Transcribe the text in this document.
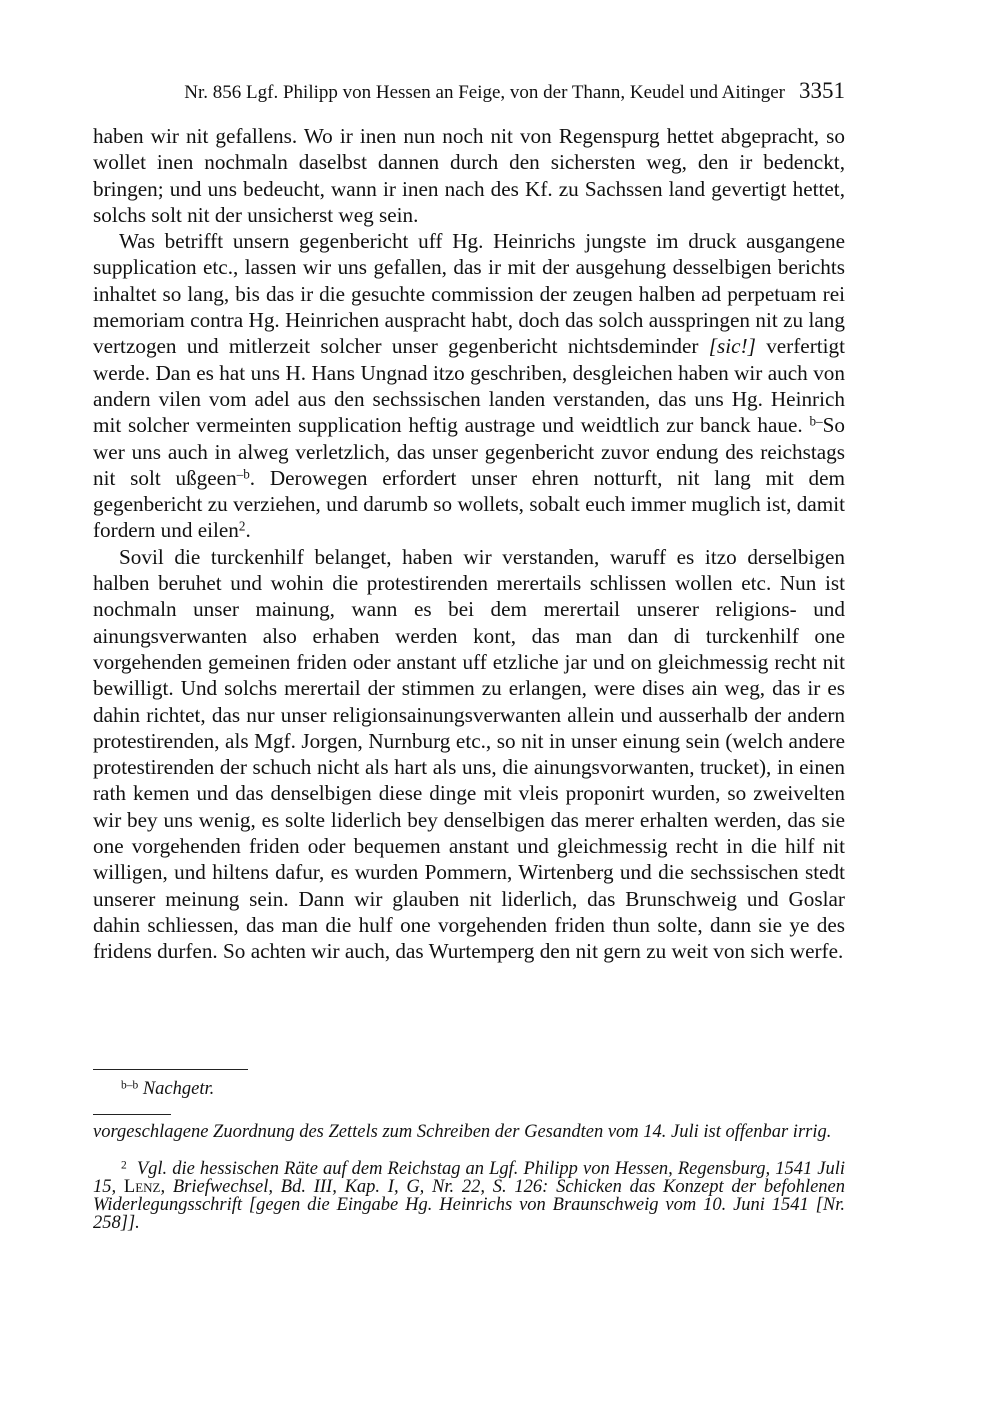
Nr. 856 Lgf. Philipp von Hessen an Feige, von der Thann, Keudel und Aitinger 3351

haben wir nit gefallens. Wo ir inen nun noch nit von Regenspurg hettet abgepracht, so wollet inen nochmaln daselbst dannen durch den sichersten weg, den ir bedenckt, bringen; und uns bedeucht, wann ir inen nach des Kf. zu Sachssen land gevertigt hettet, solchs solt nit der unsicherst weg sein.

Was betrifft unsern gegenbericht uff Hg. Heinrichs jungste im druck ausgangene supplication etc., lassen wir uns gefallen, das ir mit der ausgehung desselbigen berichts inhaltet so lang, bis das ir die gesuchte commission der zeugen halben ad perpetuam rei memoriam contra Hg. Heinrichen auspracht habt, doch das solch ausspringen nit zu lang vertzogen und mitlerzeit solcher unser gegenbericht nichtsdeminder [sic!] verfertigt werde. Dan es hat uns H. Hans Ungnad itzo geschriben, desgleichen haben wir auch von andern vilen vom adel aus den sechssischen landen verstanden, das uns Hg. Heinrich mit solcher vermeinten supplication heftig austrage und weidtlich zur banck haue. $^{b-}$So wer uns auch in alweg verletzlich, das unser gegenbericht zuvor endung des reichstags nit solt ußgeen$^{-b}$. Derowegen erfordert unser ehren notturft, nit lang mit dem gegenbericht zu verziehen, und darumb so wollets, sobalt euch immer muglich ist, damit fordern und eilen$^2$.

Sovil die turckenhilf belanget, haben wir verstanden, waruff es itzo derselbigen halben beruhet und wohin die protestirenden merertails schlissen wollen etc. Nun ist nochmaln unser mainung, wann es bei dem merertail unserer religions- und ainungsverwanten also erhaben werden kont, das man dan di turckenhilf one vorgehenden gemeinen friden oder anstant uff etzliche jar und on gleichmessig recht nit bewilligt. Und solchs merertail der stimmen zu erlangen, were dises ain weg, das ir es dahin richtet, das nur unser religionsainungsverwanten allein und ausserhalb der andern protestirenden, als Mgf. Jorgen, Nurnburg etc., so nit in unser einung sein (welch andere protestirenden der schuch nicht als hart als uns, die ainungsvorwanten, trucket), in einen rath kemen und das denselbigen diese dinge mit vleis proponirt wurden, so zweivelten wir bey uns wenig, es solte liderlich bey denselbigen das merer erhalten werden, das sie one vorgehenden friden oder bequemen anstant und gleichmessig recht in die hilf nit willigen, und hiltens dafur, es wurden Pommern, Wirtenberg und die sechssischen stedt unserer meinung sein. Dann wir glauben nit liderlich, das Brunschweig und Goslar dahin schliessen, das man die hulf one vorgehenden friden thun solte, dann sie ye des fridens durfen. So achten wir auch, das Wurtemperg den nit gern zu weit von sich werfe.

$^{b-b}$ Nachgetr.
vorgeschlagene Zuordnung des Zettels zum Schreiben der Gesandten vom 14. Juli ist offenbar irrig.
$^2$ Vgl. die hessischen Räte auf dem Reichstag an Lgf. Philipp von Hessen, Regensburg, 1541 Juli 15, Lenz, Briefwechsel, Bd. III, Kap. I, G, Nr. 22, S. 126: Schicken das Konzept der befohlenen Widerlegungsschrift [gegen die Eingabe Hg. Heinrichs von Braunschweig vom 10. Juni 1541 [Nr. 258]].
